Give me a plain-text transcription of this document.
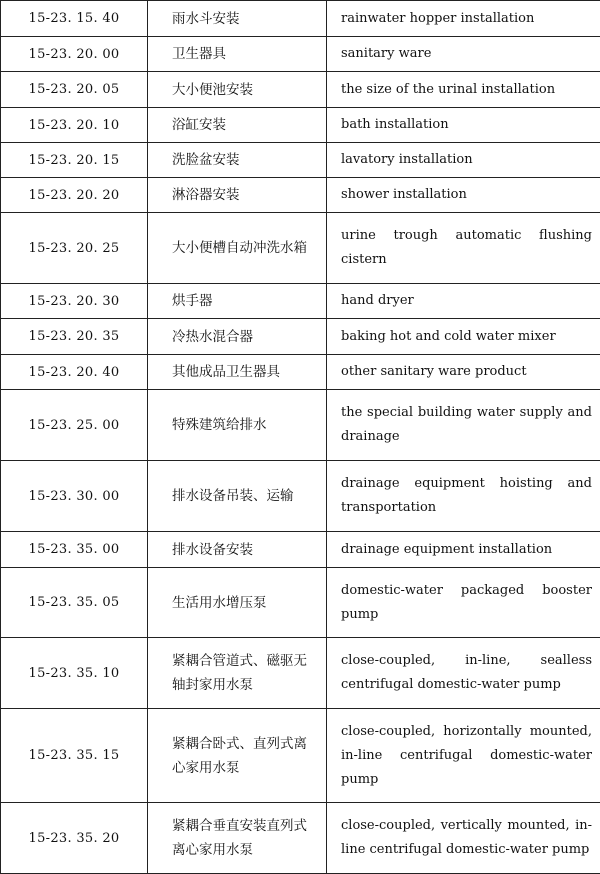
15-23. 15. 40	雨水斗安装	rainwater hopper installation
15-23. 20. 00	卫生器具	sanitary ware
15-23. 20. 05	大小便池安装	the size of the urinal installation
15-23. 20. 10	浴缸安装	bath installation
15-23. 20. 15	洗脸盆安装	lavatory installation
15-23. 20. 20	淋浴器安装	shower installation
15-23. 20. 25	大小便槽自动冲洗水箱	urine trough automatic flushing cistern
15-23. 20. 30	烘手器	hand dryer
15-23. 20. 35	冷热水混合器	baking hot and cold water mixer
15-23. 20. 40	其他成品卫生器具	other sanitary ware product
15-23. 25. 00	特殊建筑给排水	the special building water supply and drainage
15-23. 30. 00	排水设备吊装、运输	drainage equipment hoisting and transportation
15-23. 35. 00	排水设备安装	drainage equipment installation
15-23. 35. 05	生活用水增压泵	domestic-water packaged booster pump
15-23. 35. 10	紧耦合管道式、磁驱无轴封家用水泵	close-coupled, in-line, sealless centrifugal domestic-water pump
15-23. 35. 15	紧耦合卧式、直列式离心家用水泵	close-coupled, horizontally mounted, in-line centrifugal domestic-water pump
15-23. 35. 20	紧耦合垂直安装直列式离心家用水泵	close-coupled, vertically mounted, in-line centrifugal domestic-water pump
